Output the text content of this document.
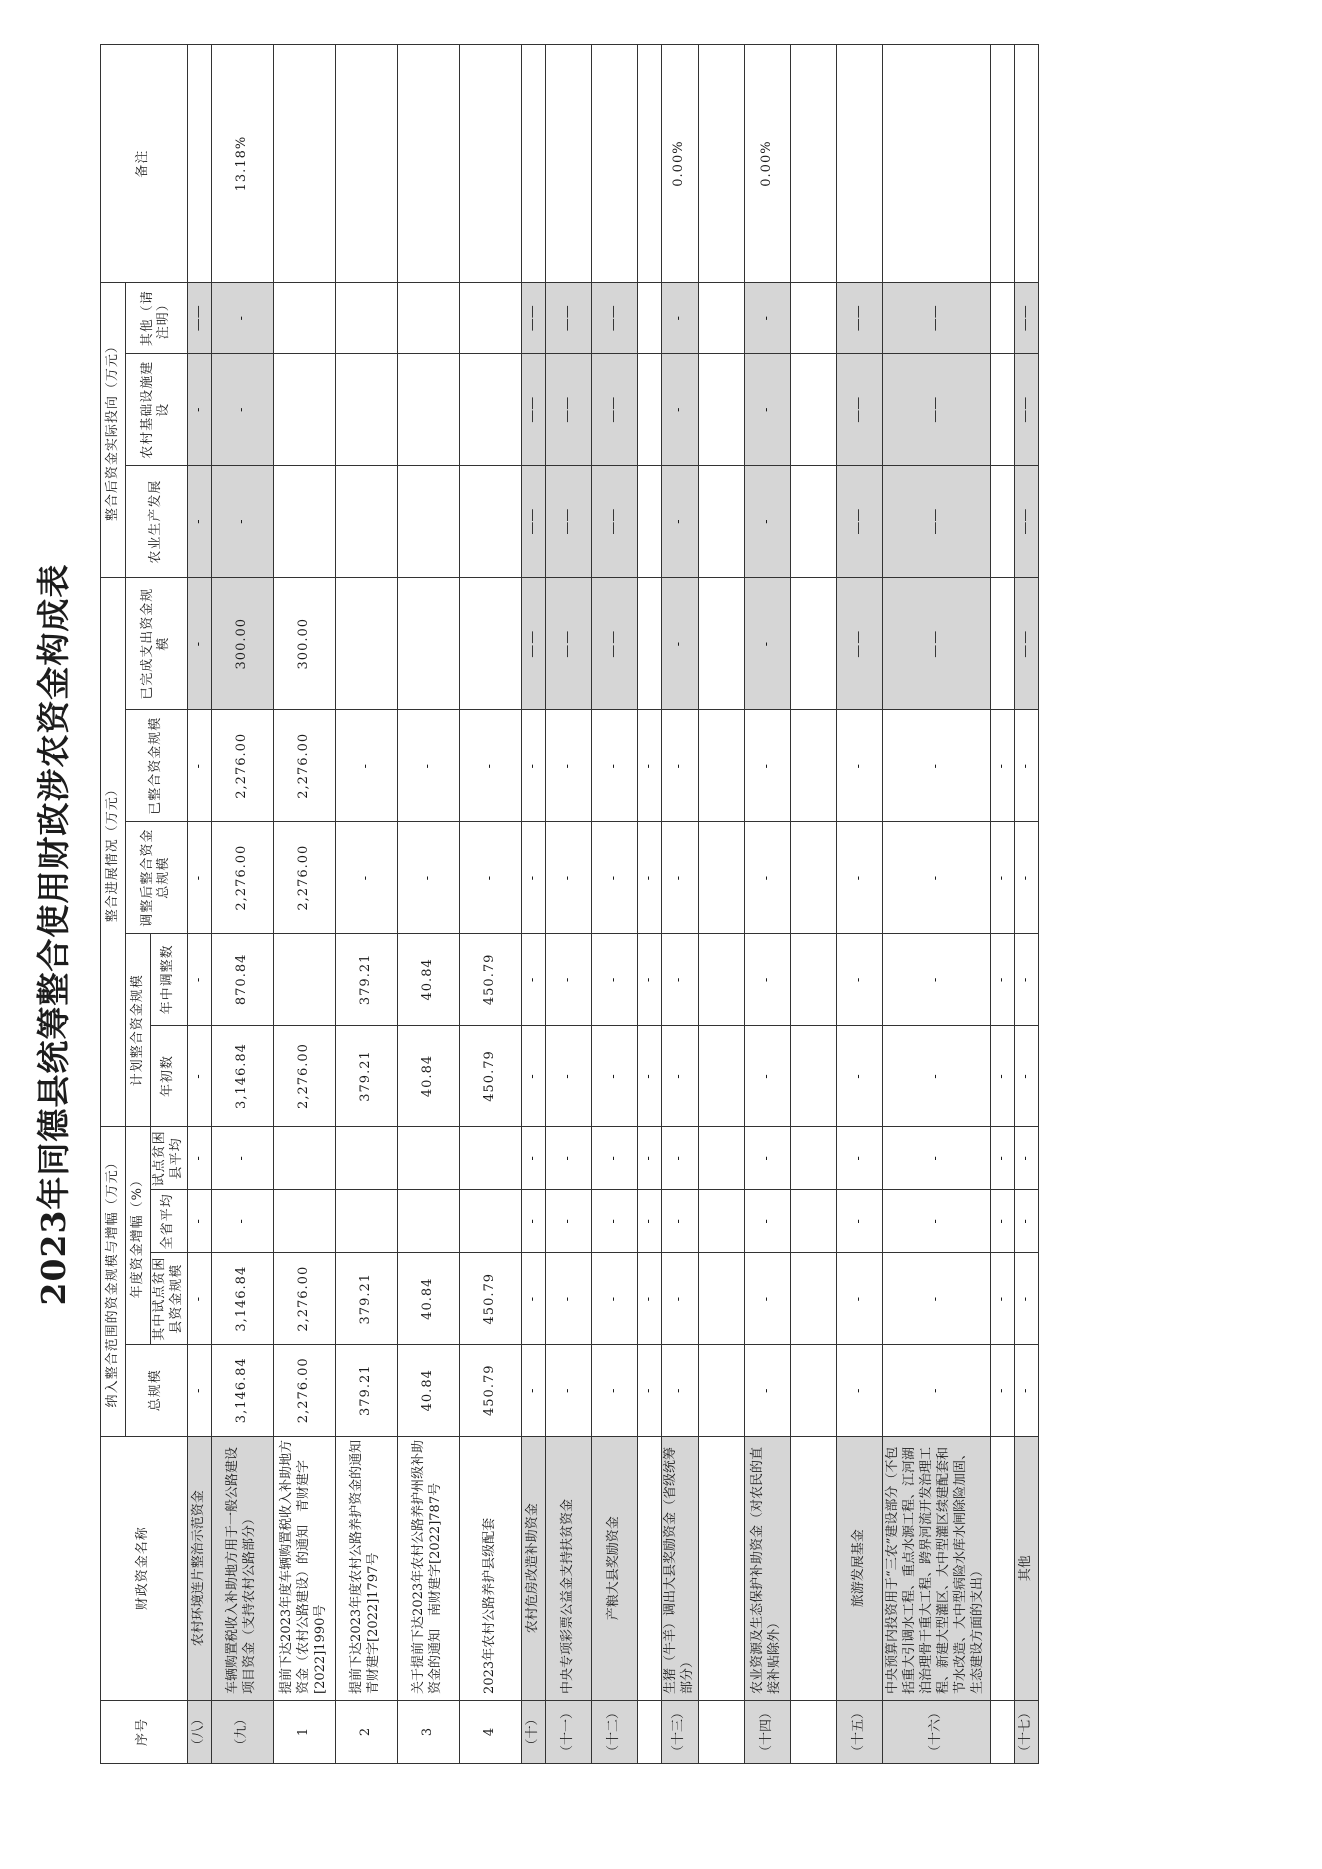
2023年同德县统筹整合使用财政涉农资金构成表
序号	财政资金名称	纳入整合范围的资金规模与增幅（万元）				整合进展情况（万元）					整合后资金实际投向（万元）			备注
		总规模	年度资金增幅（%）			计划整合资金规模		调整后整合资金总规模	已整合资金规模	已完成支出资金规模	农业生产发展	农村基础设施建设	其他（请注明）	
			其中试点贫困县资金规模	全省平均	试点贫困县平均	年初数	年中调整数							

（八）	农村环境连片整治示范资金	-	-	-	-	-	-	-	-	-	-	-	——	
（九）	车辆购置税收入补助地方用于一般公路建设项目资金（支持农村公路部分）	3,146.84	3,146.84	-	-	3,146.84	870.84	2,276.00	2,276.00	300.00	-	-	-	13.18%
1	提前下达2023年度车辆购置税收入补助地方资金（农村公路建设）的通知　青财建字[2022]1990号	2,276.00	2,276.00			2,276.00		2,276.00	2,276.00	300.00				
2	提前下达2023年度农村公路养护资金的通知　青财建字[2022]1797号	379.21	379.21			379.21	379.21	-	-					
3	关于提前下达2023年农村公路养护州级补助资金的通知　南财建字[2022]787号	40.84	40.84			40.84	40.84	-	-					
4	2023年农村公路养护县级配套	450.79	450.79			450.79	450.79	-	-					
（十）	农村危房改造补助资金	-	-	-	-	-	-	-	-	——	——	——	——	
（十一）	中央专项彩票公益金支持扶贫资金	-	-	-	-	-	-	-	-	——	——	——	——	
（十二）	产粮大县奖励资金	-	-	-	-	-	-	-	-	——	——	——	——	
		-	-	-	-	-	-	-	-					
（十三）	生猪（牛羊）调出大县奖励资金（省级统筹部分）	-	-	-	-	-	-	-	-	-	-	-	-	0.00%

（十四）	农业资源及生态保护补助资金（对农民的直接补贴除外）	-	-	-	-	-	-	-	-	-	-	-	-	0.00%

（十五）	旅游发展基金	-	-	-	-	-	-	-	-	——	——	——	——	
（十六）	中央预算内投资用于“三农”建设部分（不包括重大引调水工程、重点水源工程、江河湖泊治理骨干重大工程、跨界河流开发治理工程、新建大型灌区、大中型灌区续建配套和节水改造、大中型病险水库水闸除险加固、生态建设方面的支出）	-	-	-	-	-	-	-	-	——	——	——	——	
		-	-	-	-	-	-	-	-					
（十七）	其他	-	-	-	-	-	-	-	-	——	——	——	——	
